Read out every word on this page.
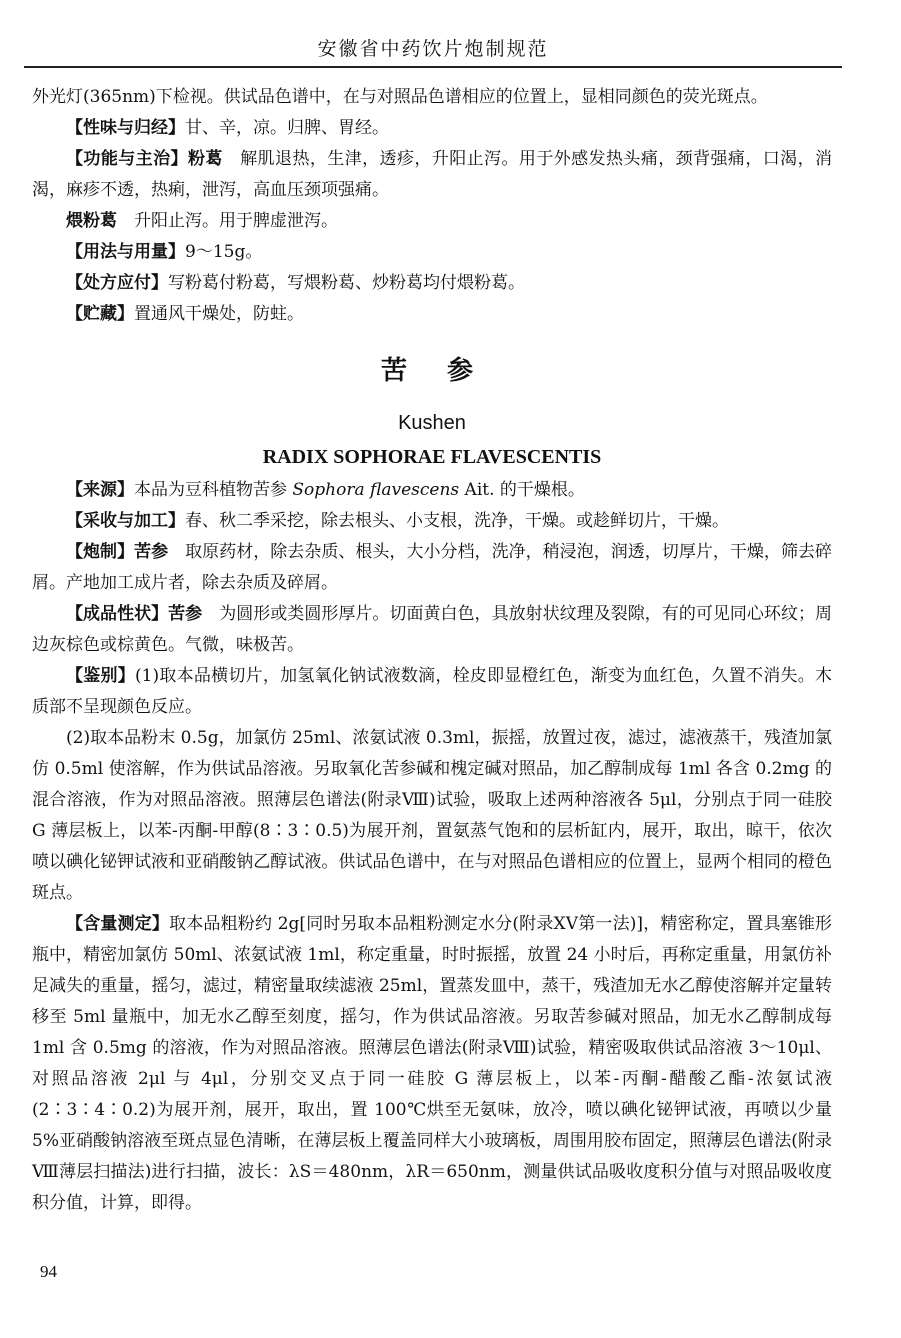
安徽省中药饮片炮制规范

外光灯(365nm)下检视。供试品色谱中，在与对照品色谱相应的位置上，显相同颜色的荧光斑点。

【性味与归经】甘、辛，凉。归脾、胃经。

【功能与主治】粉葛　解肌退热，生津，透疹，升阳止泻。用于外感发热头痛，颈背强痛，口渴，消渴，麻疹不透，热痢，泄泻，高血压颈项强痛。

煨粉葛　升阳止泻。用于脾虚泄泻。

【用法与用量】9～15g。

【处方应付】写粉葛付粉葛，写煨粉葛、炒粉葛均付煨粉葛。

【贮藏】置通风干燥处，防蛀。

苦参

Kushen

RADIX SOPHORAE FLAVESCENTIS

【来源】本品为豆科植物苦参 Sophora flavescens Ait. 的干燥根。

【采收与加工】春、秋二季采挖，除去根头、小支根，洗净，干燥。或趁鲜切片，干燥。

【炮制】苦参　取原药材，除去杂质、根头，大小分档，洗净，稍浸泡，润透，切厚片，干燥，筛去碎屑。产地加工成片者，除去杂质及碎屑。

【成品性状】苦参　为圆形或类圆形厚片。切面黄白色，具放射状纹理及裂隙，有的可见同心环纹；周边灰棕色或棕黄色。气微，味极苦。

【鉴别】(1)取本品横切片，加氢氧化钠试液数滴，栓皮即显橙红色，渐变为血红色，久置不消失。木质部不呈现颜色反应。

(2)取本品粉末 0.5g，加氯仿 25ml、浓氨试液 0.3ml，振摇，放置过夜，滤过，滤液蒸干，残渣加氯仿 0.5ml 使溶解，作为供试品溶液。另取氧化苦参碱和槐定碱对照品，加乙醇制成每 1ml 各含 0.2mg 的混合溶液，作为对照品溶液。照薄层色谱法(附录Ⅷ)试验，吸取上述两种溶液各 5μl，分别点于同一硅胶 G 薄层板上，以苯-丙酮-甲醇(8∶3∶0.5)为展开剂，置氨蒸气饱和的层析缸内，展开，取出，晾干，依次喷以碘化铋钾试液和亚硝酸钠乙醇试液。供试品色谱中，在与对照品色谱相应的位置上，显两个相同的橙色斑点。

【含量测定】取本品粗粉约 2g[同时另取本品粗粉测定水分(附录ⅩⅤ第一法)]，精密称定，置具塞锥形瓶中，精密加氯仿 50ml、浓氨试液 1ml，称定重量，时时振摇，放置 24 小时后，再称定重量，用氯仿补足减失的重量，摇匀，滤过，精密量取续滤液 25ml，置蒸发皿中，蒸干，残渣加无水乙醇使溶解并定量转移至 5ml 量瓶中，加无水乙醇至刻度，摇匀，作为供试品溶液。另取苦参碱对照品，加无水乙醇制成每 1ml 含 0.5mg 的溶液，作为对照品溶液。照薄层色谱法(附录Ⅷ)试验，精密吸取供试品溶液 3～10μl、对照品溶液 2μl 与 4μl，分别交叉点于同一硅胶 G 薄层板上，以苯-丙酮-醋酸乙酯-浓氨试液(2∶3∶4∶0.2)为展开剂，展开，取出，置 100℃烘至无氨味，放冷，喷以碘化铋钾试液，再喷以少量 5%亚硝酸钠溶液至斑点显色清晰，在薄层板上覆盖同样大小玻璃板，周围用胶布固定，照薄层色谱法(附录Ⅷ薄层扫描法)进行扫描，波长：λS＝480nm，λR＝650nm，测量供试品吸收度积分值与对照品吸收度积分值，计算，即得。

94
